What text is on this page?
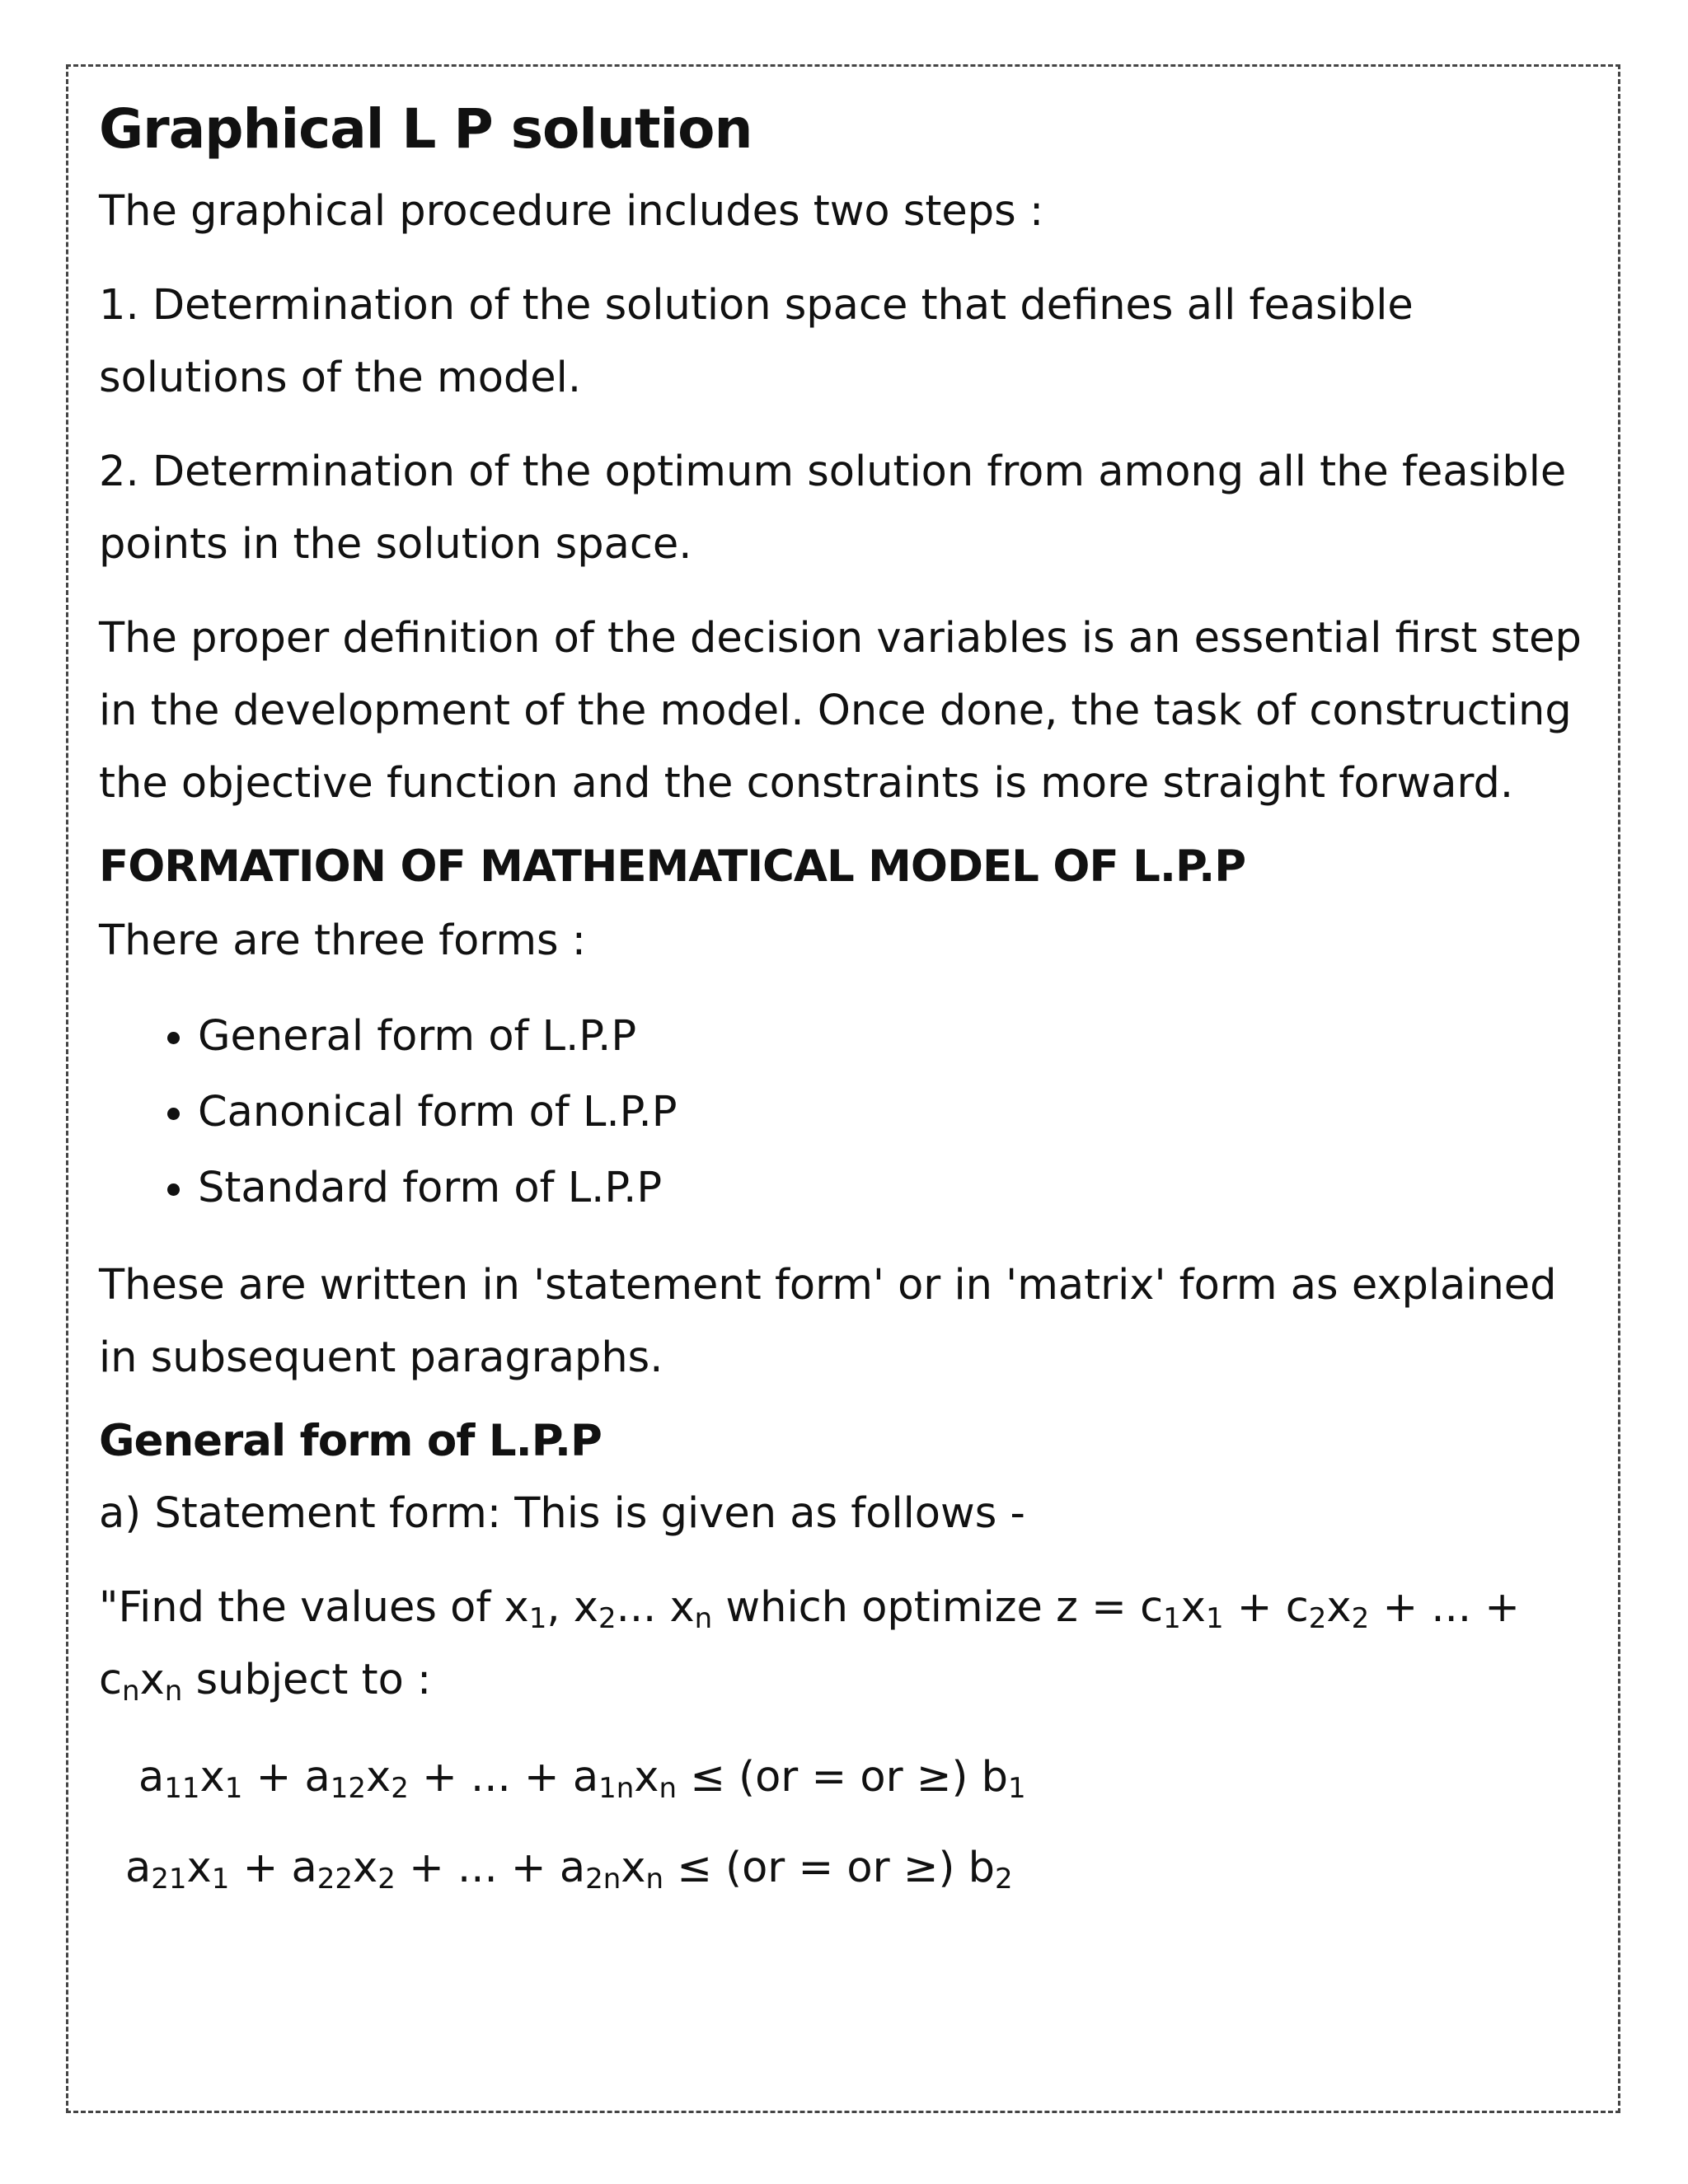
Graphical L P solution

The graphical procedure includes two steps :

1. Determination of the solution space that defines all feasible solutions of the model.

2. Determination of the optimum solution from among all the feasible points in the solution space.

The proper definition of the decision variables is an essential first step in the development of the model. Once done, the task of constructing the objective function and the constraints is more straight forward.

FORMATION OF MATHEMATICAL MODEL OF L.P.P

There are three forms :

• General form of L.P.P
• Canonical form of L.P.P
• Standard form of L.P.P

These are written in 'statement form' or in 'matrix' form as explained in subsequent paragraphs.

General form of L.P.P

a) Statement form: This is given as follows -

"Find the values of $x_1$, $x_2$... $x_n$ which optimize $z = c_1x_1 + c_2x_2$ + ... + $c_nx_n$ subject to :

$a_{11}x_1 + a_{12}x_2$ + ... + $a_{1n}x_n \le (or$ = or ≥) $b_1$
$a_{21}x_1 + a_{22}x_2$ + ... + $a_{2n}x_n \le (or$ = or ≥) $b_2$
